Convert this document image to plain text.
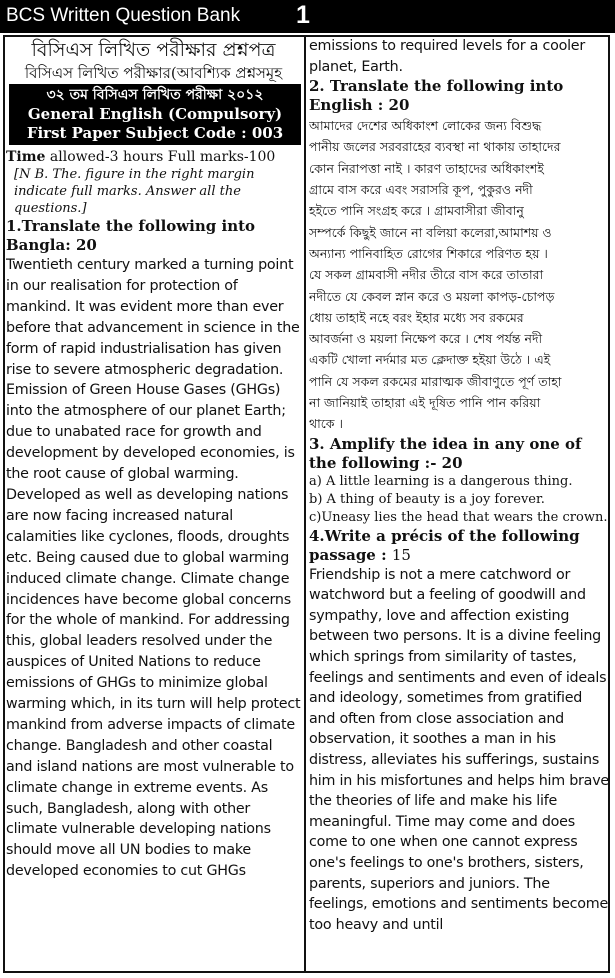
BCS Written Question Bank 1
বিসিএস লিখিত পরীক্ষার প্রশ্নপত্র
বিসিএস লিখিত পরীক্ষার(আবশ্যিক প্রশ্নসমূহ
৩২ তম বিসিএস লিখিত পরীক্ষা ২০১২
General English (Compulsory)
First Paper Subject Code : 003
Time allowed-3 hours Full marks-100
[N B. The. figure in the right margin indicate full marks. Answer all the questions.]
1.Translate the following into Bangla: 20
Twentieth century marked a turning point in our realisation for protection of mankind. It was evident more than ever before that advancement in science in the form of rapid industrialisation has given rise to severe atmospheric degradation. Emission of Green House Gases (GHGs) into the atmosphere of our planet Earth; due to unabated race for growth and development by developed economies, is the root cause of global warming. Developed as well as developing nations are now facing increased natural calamities like cyclones, floods, droughts etc. Being caused due to global warming induced climate change. Climate change incidences have become global concerns for the whole of mankind. For addressing this, global leaders resolved under the auspices of United Nations to reduce emissions of GHGs to minimize global warming which, in its turn will help protect mankind from adverse impacts of climate change. Bangladesh and other coastal and island nations are most vulnerable to climate change in extreme events. As such, Bangladesh, along with other climate vulnerable developing nations should move all UN bodies to make developed economies to cut GHGs
emissions to required levels for a cooler planet, Earth.
2. Translate the following into English : 20
আমাদের দেশের অধিকাংশ লোকের জন্য বিশুদ্ধ
পানীয় জলের সরবরাহের ব্যবস্থা না থাকায় তাহাদের
কোন নিরাপত্তা নাই । কারণ তাহাদের অধিকাংশই
গ্রামে বাস করে এবং সরাসরি কূপ, পুকুরও নদী
হইতে পানি সংগ্রহ করে । গ্রামবাসীরা জীবানু
সম্পর্কে কিছুই জানে না বলিয়া কলেরা,আমাশয় ও
অন্যান্য পানিবাহিত রোগের শিকারে পরিণত হয় ।
যে সকল গ্রামবাসী নদীর তীরে বাস করে তাতারা
নদীতে যে কেবল স্নান করে ও ময়লা কাপড়-চোপড়
ধোয় তাহাই নহে বরং ইহার মধ্যে সব রকমের
আবর্জনা ও ময়লা নিক্ষেপ করে । শেষ পর্যন্ত নদী
একটি খোলা নর্দমার মত ক্লেদাক্ত হইয়া উঠে । এই
পানি যে সকল রকমের মারাত্মক জীবাণুতে পূর্ণ তাহা
না জানিয়াই তাহারা এই দূষিত পানি পান করিয়া
থাকে ।
3. Amplify the idea in any one of the following :- 20
a) A little learning is a dangerous thing.
b) A thing of beauty is a joy forever.
c)Uneasy lies the head that wears the crown.
4.Write a précis of the following passage : 15
Friendship is not a mere catchword or watchword but a feeling of goodwill and sympathy, love and affection existing between two persons. It is a divine feeling which springs from similarity of tastes, feelings and sentiments and even of ideals and ideology, sometimes from gratified and often from close association and observation, it soothes a man in his distress, alleviates his sufferings, sustains him in his misfortunes and helps him brave the theories of life and make his life meaningful. Time may come and does come to one when one cannot express one's feelings to one's brothers, sisters, parents, superiors and juniors. The feelings, emotions and sentiments become too heavy and until
